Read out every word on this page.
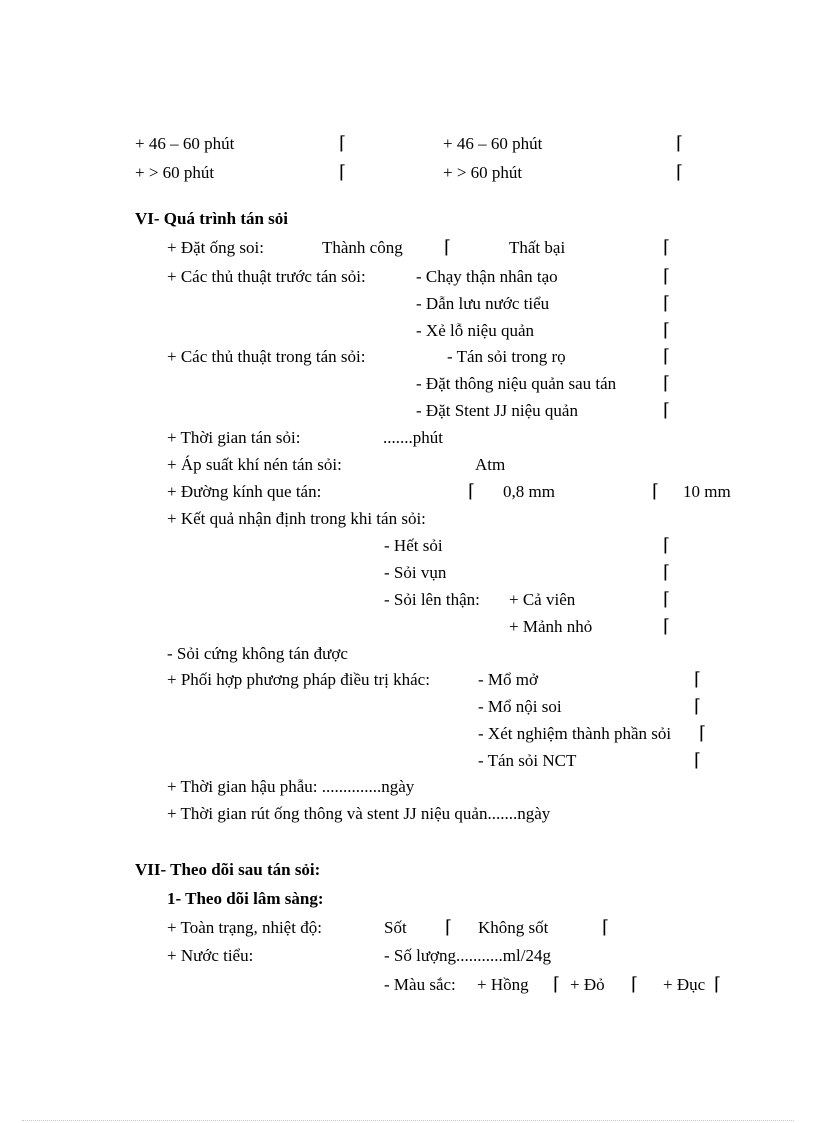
+ 46 – 60 phút	⌈	+ 46 – 60 phút	⌈
+ > 60 phút	⌈	+ > 60 phút	⌈
VI- Quá trình tán sỏi
+ Đặt ống soi:	Thành công ⌈	Thất bại	⌈
+ Các thủ thuật trước tán sỏi:	- Chạy thận nhân tạo	⌈
- Dẫn lưu nước tiểu	⌈
- Xẻ lỗ niệu quản	⌈
+ Các thủ thuật trong tán sỏi:	- Tán sỏi trong rọ	⌈
- Đặt thông niệu quản sau tán	⌈
- Đặt Stent JJ niệu quản	⌈
+ Thời gian tán sỏi:	.......phút
+ Áp suất khí nén tán sỏi:	Atm
+ Đường kính que tán:	⌈ 0,8 mm	⌈ 10 mm
+ Kết quả nhận định trong khi tán sỏi:
- Hết sỏi	⌈
- Sỏi vụn	⌈
- Sỏi lên thận: + Cả viên	⌈
+ Mảnh nhỏ	⌈
- Sỏi cứng không tán được
+ Phối hợp phương pháp điều trị khác:	- Mổ mở	⌈
- Mổ nội soi	⌈
- Xét nghiệm thành phần sỏi ⌈
- Tán sỏi NCT	⌈
+ Thời gian hậu phẫu: ..............ngày
+ Thời gian rút ống thông và stent JJ niệu quản.......ngày
VII- Theo dõi sau tán sỏi:
1- Theo dõi lâm sàng:
+ Toàn trạng, nhiệt độ:	Sốt ⌈ Không sốt	⌈
+ Nước tiểu:	- Số lượng...........ml/24g
- Màu sắc: + Hồng ⌈ + Đỏ ⌈ + Đục ⌈
